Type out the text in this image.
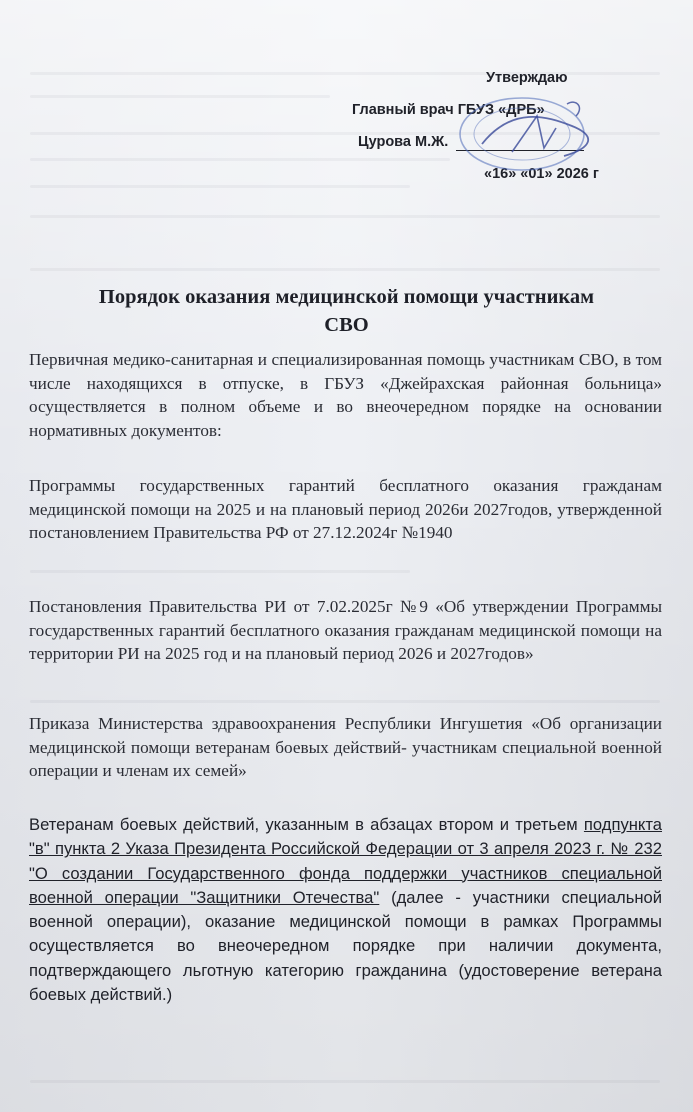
Утверждаю
Главный врач ГБУЗ «ДРБ»
Цурова М.Ж.
«16» «01» 2026 г
Порядок оказания медицинской помощи участникам
СВО
Первичная медико-санитарная и специализированная помощь участникам СВО, в том числе находящихся в отпуске, в ГБУЗ «Джейрахская районная больница» осуществляется в полном объеме и во внеочередном порядке на основании нормативных документов:
Программы государственных гарантий бесплатного оказания гражданам медицинской помощи на 2025 и на плановый период 2026и 2027годов, утвержденной постановлением Правительства РФ от 27.12.2024г №1940
Постановления Правительства РИ от 7.02.2025г №9 «Об утверждении Программы государственных гарантий бесплатного оказания гражданам медицинской помощи на территории РИ на 2025 год и на плановый период 2026 и 2027годов»
Приказа Министерства здравоохранения Республики Ингушетия «Об организации медицинской помощи ветеранам боевых действий- участникам специальной военной операции и членам их семей»
Ветеранам боевых действий, указанным в абзацах втором и третьем подпункта "в" пункта 2 Указа Президента Российской Федерации от 3 апреля 2023 г. № 232 "О создании Государственного фонда поддержки участников специальной военной операции "Защитники Отечества" (далее - участники специальной военной операции), оказание медицинской помощи в рамках Программы осуществляется во внеочередном порядке при наличии документа, подтверждающего льготную категорию гражданина (удостоверение ветерана боевых действий.)
